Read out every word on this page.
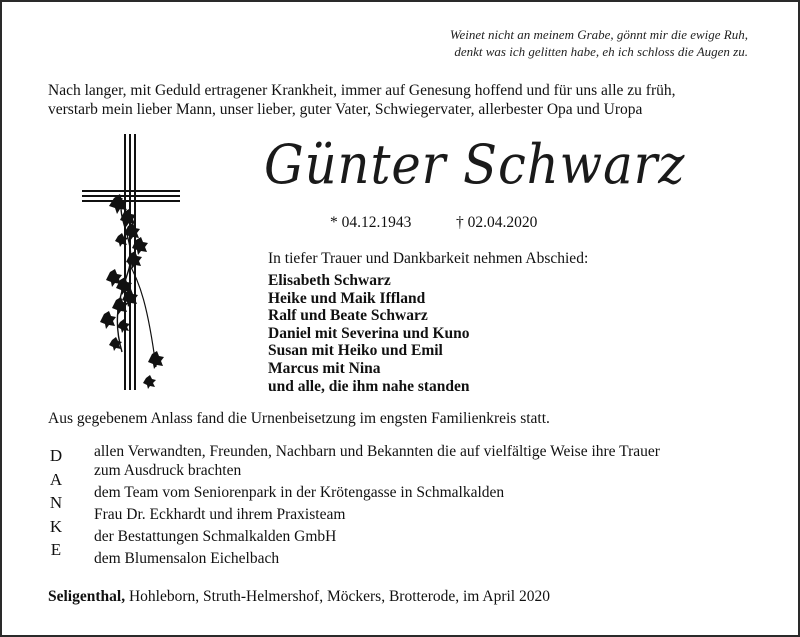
Weinet nicht an meinem Grabe, gönnt mir die ewige Ruh,
denkt was ich gelitten habe, eh ich schloss die Augen zu.
Nach langer, mit Geduld ertragener Krankheit, immer auf Genesung hoffend und für uns alle zu früh,
verstarb mein lieber Mann, unser lieber, guter Vater, Schwiegervater, allerbester Opa und Uropa
Günter Schwarz
* 04.12.1943	† 02.04.2020
In tiefer Trauer und Dankbarkeit nehmen Abschied:
Elisabeth Schwarz
Heike und Maik Iffland
Ralf und Beate Schwarz
Daniel mit Severina und Kuno
Susan mit Heiko und Emil
Marcus mit Nina
und alle, die ihm nahe standen
Aus gegebenem Anlass fand die Urnenbeisetzung im engsten Familienkreis statt.
D
A
N
K
E
allen Verwandten, Freunden, Nachbarn und Bekannten die auf vielfältige Weise ihre Trauer
zum Ausdruck brachten
dem Team vom Seniorenpark in der Krötengasse in Schmalkalden
Frau Dr. Eckhardt und ihrem Praxisteam
der Bestattungen Schmalkalden GmbH
dem Blumensalon Eichelbach
Seligenthal, Hohleborn, Struth-Helmershof, Möckers, Brotterode, im April 2020
